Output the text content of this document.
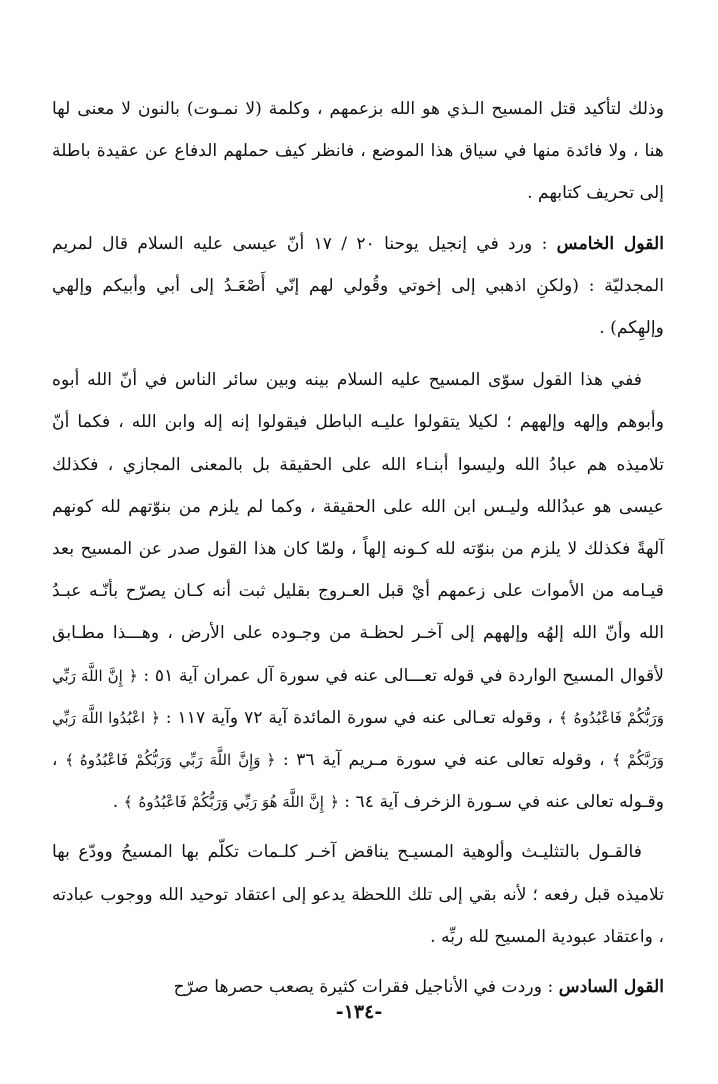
وذلك لتأكيد قتل المسيح الـذي هو الله بزعمهم ، وكلمة (لا نمـوت) بالنون لا معنى لها هنا ، ولا فائدة منها في سياق هذا الموضع ، فانظر كيف حملهم الدفاع عن عقيدة باطلة إلى تحريف كتابهم .

القول الخامس : ورد في إنجيل يوحنا ٢٠ / ١٧ أنّ عيسى عليه السلام قال لمريم المجدليّة : (ولكنِ اذهبي إلى إخوتي وقُولي لهم إنّي أَصْعَـدُ إلى أبي وأبيكم وإلهي وإلهِكم) .

ففي هذا القول سوّى المسيح عليه السلام بينه وبين سائر الناس في أنّ الله أبوه وأبوهم وإلهه وإلههم ؛ لكيلا يتقولوا عليـه الباطل فيقولوا إنه إله وابن الله ، فكما أنّ تلاميذه هم عبادُ الله وليسوا أبنـاء الله على الحقيقة بل بالمعنى المجازي ، فكذلك عيسى هو عبدُالله وليـس ابن الله على الحقيقة ، وكما لم يلزم من بنوّتهم لله كونهم آلهةً فكذلك لا يلزم من بنوّته لله كـونه إلهاً ، ولمّا كان هذا القول صدر عن المسيح بعد قيـامه من الأموات على زعمهم أيْ قبل العـروج بقليل ثبت أنه كـان يصرّح بأنّـه عبـدُ الله وأنّ الله إلهُه وإلههم إلى آخـر لحظـة من وجـوده على الأرض ، وهـــذا مطـابق لأقوال المسيح الواردة في قوله تعـــالى عنه في سورة آل عمران آية ٥١ : ﴿إِنَّ اللَّهَ رَبِّي وَرَبُّكُمْ فَاعْبُدُوهُ﴾ ، وقوله تعـالى عنه في سورة المائدة آية ٧٢ وآية ١١٧ : ﴿اعْبُدُوا اللَّهَ رَبِّي وَرَبَّكُمْ﴾ ، وقوله تعالى عنه في سورة مـريم آية ٣٦ : ﴿وَإِنَّ اللَّهَ رَبِّي وَرَبُّكُمْ فَاعْبُدُوهُ﴾ ، وقـوله تعالى عنه في سـورة الزخرف آية ٦٤ : ﴿إِنَّ اللَّهَ هُوَ رَبِّي وَرَبُّكُمْ فَاعْبُدُوهُ﴾ .

فالقـول بالتثليـث وألوهية المسيـح يناقض آخـر كلـمات تكلّم بها المسيحُ وودّع بها تلاميذه قبل رفعه ؛ لأنه بقي إلى تلك اللحظة يدعو إلى اعتقاد توحيد الله ووجوب عبادته ، واعتقاد عبودية المسيح لله ربِّه .

القول السادس : وردت في الأناجيل فقرات كثيرة يصعب حصرها صرّح

-١٣٤-
